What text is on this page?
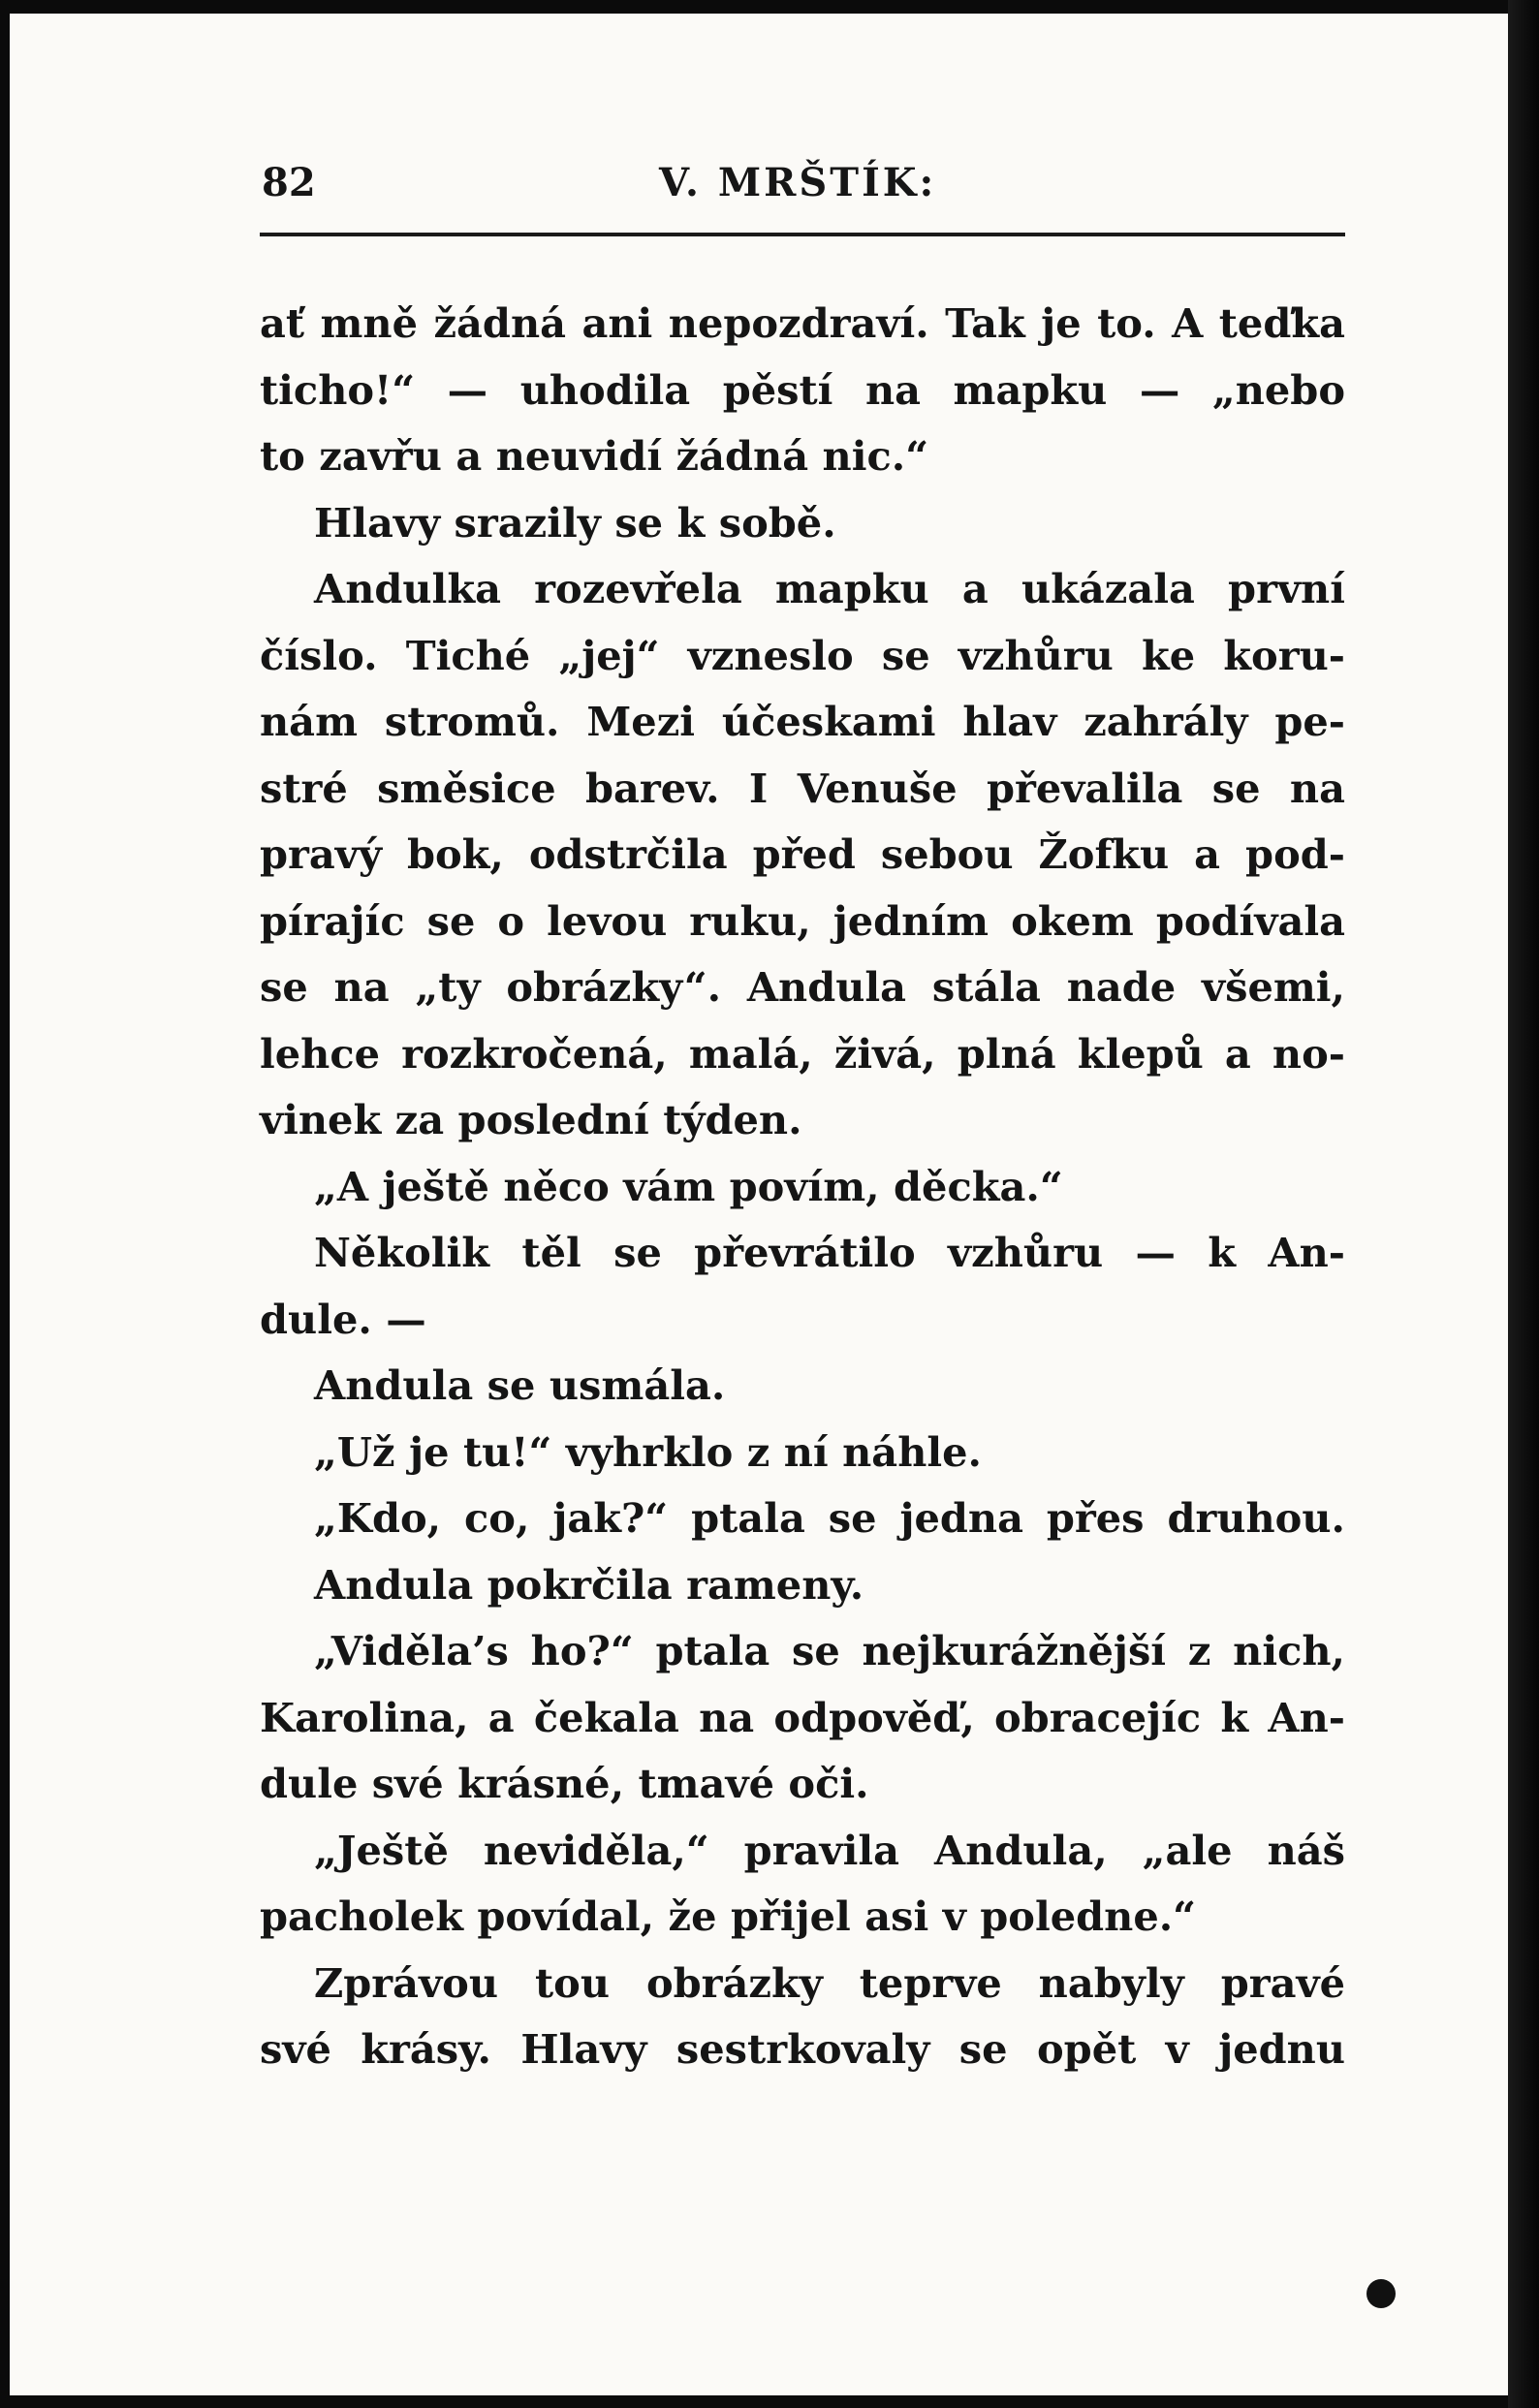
82	V. MRŠTÍK:
ať mně žádná ani nepozdraví. Tak je to. A teďka
ticho!“ — uhodila pěstí na mapku — „nebo
to zavřu a neuvidí žádná nic.“
Hlavy srazily se k sobě.
Andulka rozevřela mapku a ukázala první
číslo. Tiché „jej“ vzneslo se vzhůru ke koru-
nám stromů. Mezi účeskami hlav zahrály pe-
stré směsice barev. I Venuše převalila se na
pravý bok, odstrčila před sebou Žofku a pod-
pírajíc se o levou ruku, jedním okem podívala
se na „ty obrázky“. Andula stála nade všemi,
lehce rozkročená, malá, živá, plná klepů a no-
vinek za poslední týden.
„A ještě něco vám povím, děcka.“
Několik těl se převrátilo vzhůru — k An-
dule. —
Andula se usmála.
„Už je tu!“ vyhrklo z ní náhle.
„Kdo, co, jak?“ ptala se jedna přes druhou.
Andula pokrčila rameny.
„Viděla’s ho?“ ptala se nejkurážnější z nich,
Karolina, a čekala na odpověď, obracejíc k An-
dule své krásné, tmavé oči.
„Ještě neviděla,“ pravila Andula, „ale náš
pacholek povídal, že přijel asi v poledne.“
Zprávou tou obrázky teprve nabyly pravé
své krásy. Hlavy sestrkovaly se opět v jednu
